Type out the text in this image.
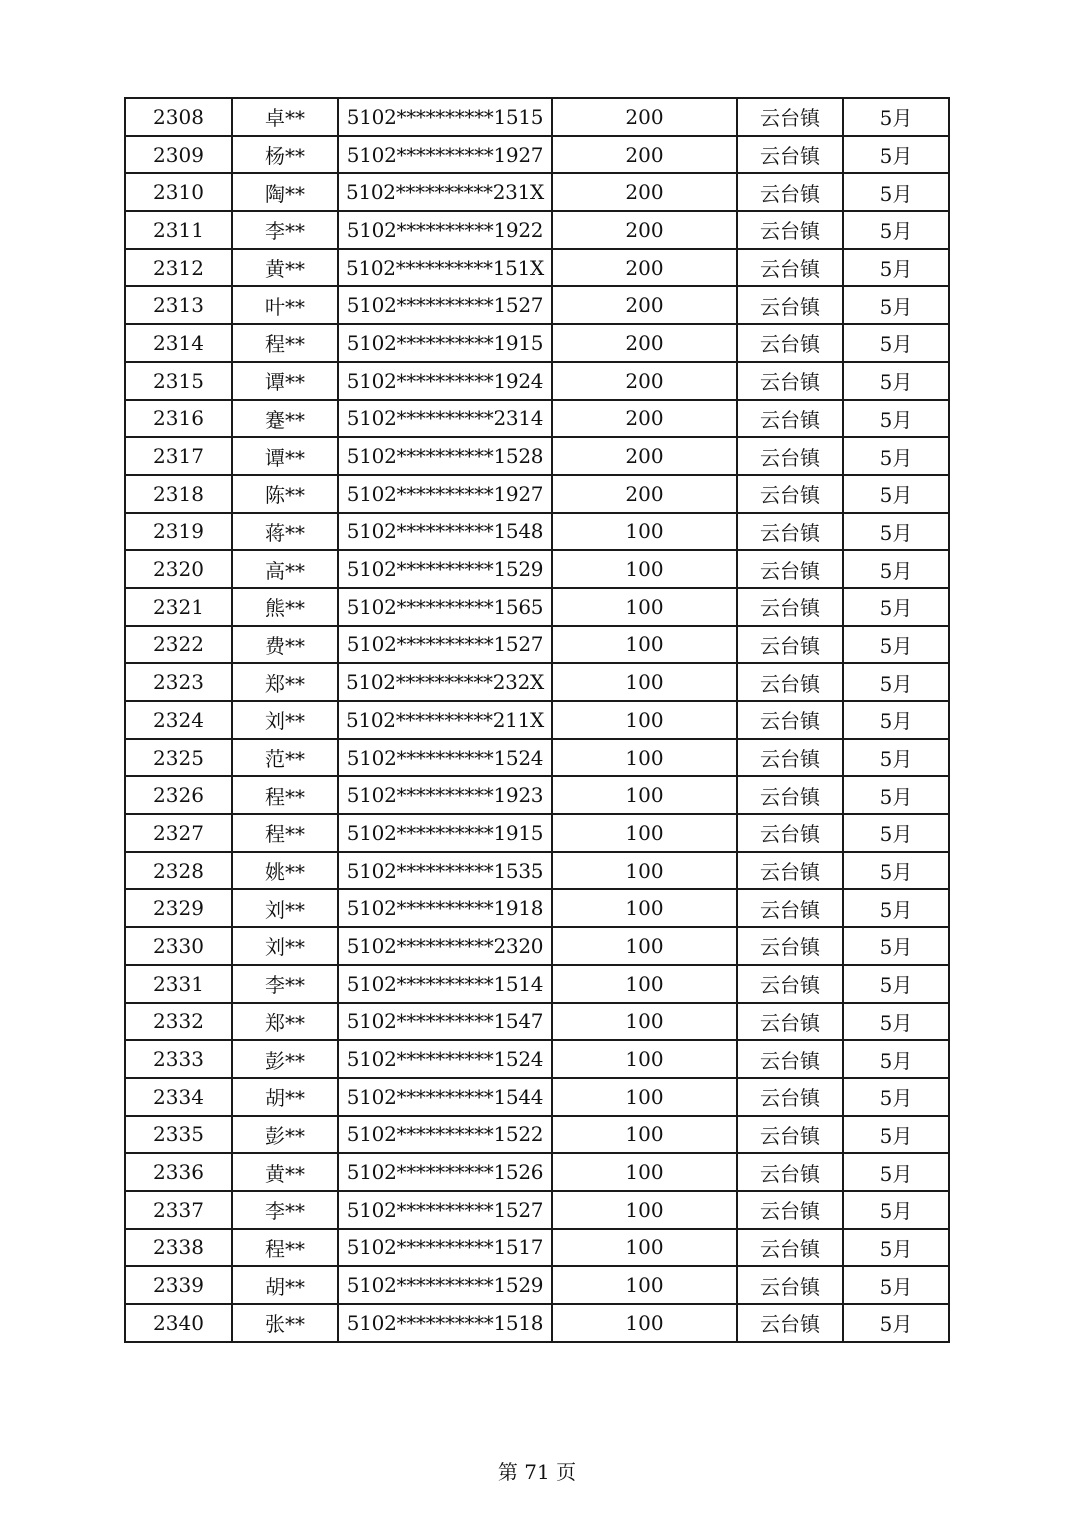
2308	卓**	5102**********1515	200	云台镇	5月
2309	杨**	5102**********1927	200	云台镇	5月
2310	陶**	5102**********231X	200	云台镇	5月
2311	李**	5102**********1922	200	云台镇	5月
2312	黄**	5102**********151X	200	云台镇	5月
2313	叶**	5102**********1527	200	云台镇	5月
2314	程**	5102**********1915	200	云台镇	5月
2315	谭**	5102**********1924	200	云台镇	5月
2316	蹇**	5102**********2314	200	云台镇	5月
2317	谭**	5102**********1528	200	云台镇	5月
2318	陈**	5102**********1927	200	云台镇	5月
2319	蒋**	5102**********1548	100	云台镇	5月
2320	高**	5102**********1529	100	云台镇	5月
2321	熊**	5102**********1565	100	云台镇	5月
2322	费**	5102**********1527	100	云台镇	5月
2323	郑**	5102**********232X	100	云台镇	5月
2324	刘**	5102**********211X	100	云台镇	5月
2325	范**	5102**********1524	100	云台镇	5月
2326	程**	5102**********1923	100	云台镇	5月
2327	程**	5102**********1915	100	云台镇	5月
2328	姚**	5102**********1535	100	云台镇	5月
2329	刘**	5102**********1918	100	云台镇	5月
2330	刘**	5102**********2320	100	云台镇	5月
2331	李**	5102**********1514	100	云台镇	5月
2332	郑**	5102**********1547	100	云台镇	5月
2333	彭**	5102**********1524	100	云台镇	5月
2334	胡**	5102**********1544	100	云台镇	5月
2335	彭**	5102**********1522	100	云台镇	5月
2336	黄**	5102**********1526	100	云台镇	5月
2337	李**	5102**********1527	100	云台镇	5月
2338	程**	5102**********1517	100	云台镇	5月
2339	胡**	5102**********1529	100	云台镇	5月
2340	张**	5102**********1518	100	云台镇	5月
第 71 页
